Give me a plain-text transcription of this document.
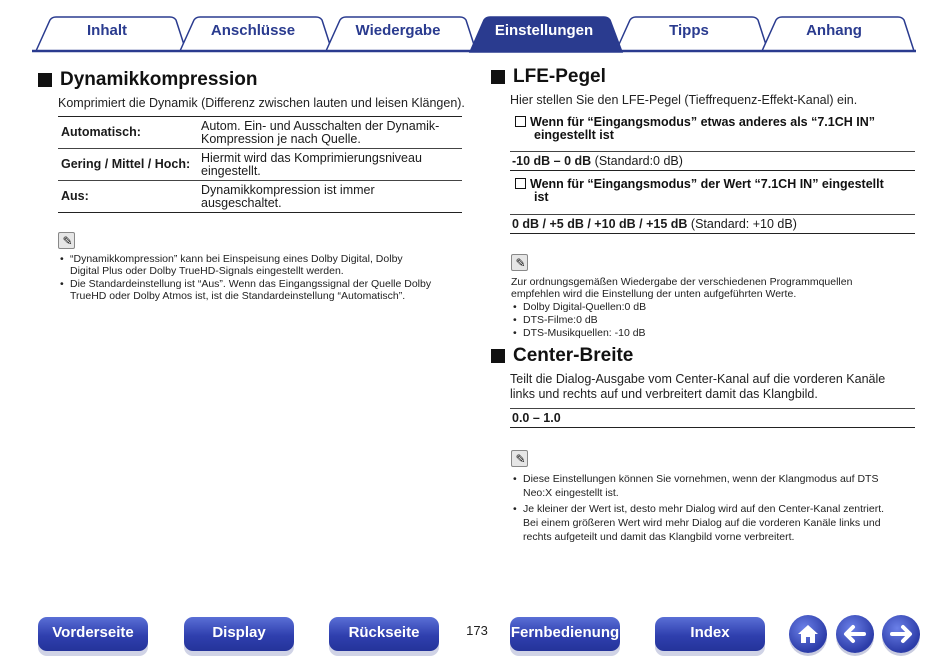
Inhalt	Anschlüsse	Wiedergabe	Einstellungen	Tipps	Anhang
Dynamikkompression
Komprimiert die Dynamik (Differenz zwischen lauten und leisen Klängen).
Automatisch:	Autom. Ein- und Ausschalten der Dynamik-
Kompression je nach Quelle.
Gering / Mittel / Hoch:	Hiermit wird das Komprimierungsniveau
eingestellt.
Aus:	Dynamikkompression ist immer
ausgeschaltet.
✎
• “Dynamikkompression” kann bei Einspeisung eines Dolby Digital, Dolby
Digital Plus oder Dolby TrueHD-Signals eingestellt werden.
• Die Standardeinstellung ist “Aus”. Wenn das Eingangssignal der Quelle Dolby
TrueHD oder Dolby Atmos ist, ist die Standardeinstellung “Automatisch”.
LFE-Pegel
Hier stellen Sie den LFE-Pegel (Tieffrequenz-Effekt-Kanal) ein.
Wenn für “Eingangsmodus” etwas anderes als “7.1CH IN”
eingestellt ist
-10 dB – 0 dB (Standard:0 dB)
Wenn für “Eingangsmodus” der Wert “7.1CH IN” eingestellt
ist
0 dB / +5 dB / +10 dB / +15 dB (Standard: +10 dB)
✎
Zur ordnungsgemäßen Wiedergabe der verschiedenen Programmquellen
empfehlen wird die Einstellung der unten aufgeführten Werte.
• Dolby Digital-Quellen:0 dB
• DTS-Filme:0 dB
• DTS-Musikquellen: -10 dB
Center-Breite
Teilt die Dialog-Ausgabe vom Center-Kanal auf die vorderen Kanäle
links und rechts auf und verbreitert damit das Klangbild.
0.0 – 1.0
✎
• Diese Einstellungen können Sie vornehmen, wenn der Klangmodus auf DTS
Neo:X eingestellt ist.
• Je kleiner der Wert ist, desto mehr Dialog wird auf den Center-Kanal zentriert.
Bei einem größeren Wert wird mehr Dialog auf die vorderen Kanäle links und
rechts aufgeteilt und damit das Klangbild vorne verbreitert.
Vorderseite	Display	Rückseite	173 Fernbedienung	Index
